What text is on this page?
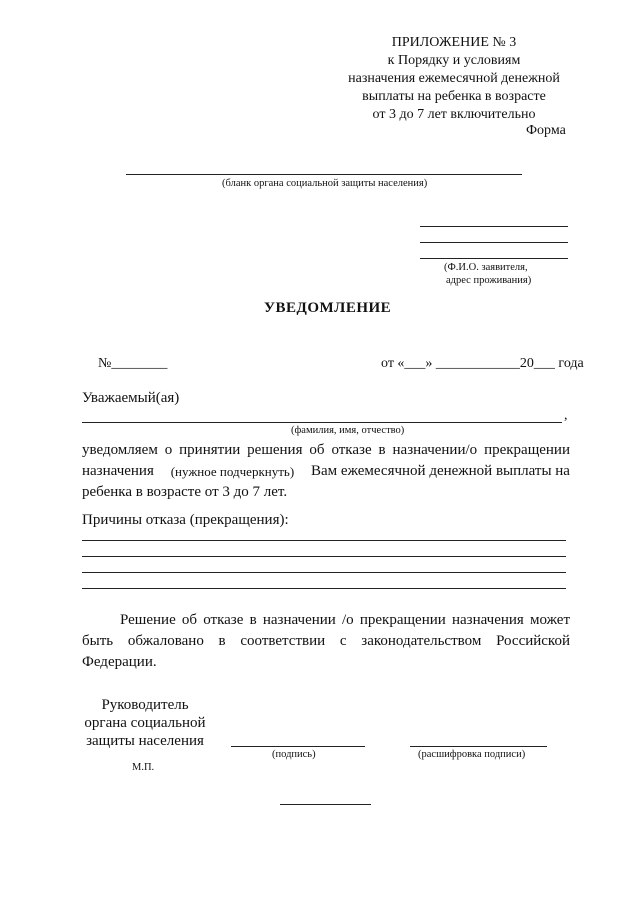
ПРИЛОЖЕНИЕ № 3
к Порядку и условиям
назначения ежемесячной денежной
выплаты на ребенка в возрасте
от 3 до 7 лет включительно
Форма
(бланк органа социальной защиты населения)
(Ф.И.О. заявителя,
адрес проживания)
УВЕДОМЛЕНИЕ
№________	от «___» ____________20___ года
Уважаемый(ая)
,
(фамилия, имя, отчество)
уведомляем о принятии решения об отказе в назначении/о прекращении
назначения (нужное подчеркнуть) Вам ежемесячной денежной выплаты на
ребенка в возрасте от 3 до 7 лет.
Причины отказа (прекращения):
Решение об отказе в назначении /о прекращении назначения может
быть обжаловано в соответствии с законодательством Российской
Федерации.
Руководитель
органа социальной
защиты населения
(подпись)	(расшифровка подписи)
М.П.
